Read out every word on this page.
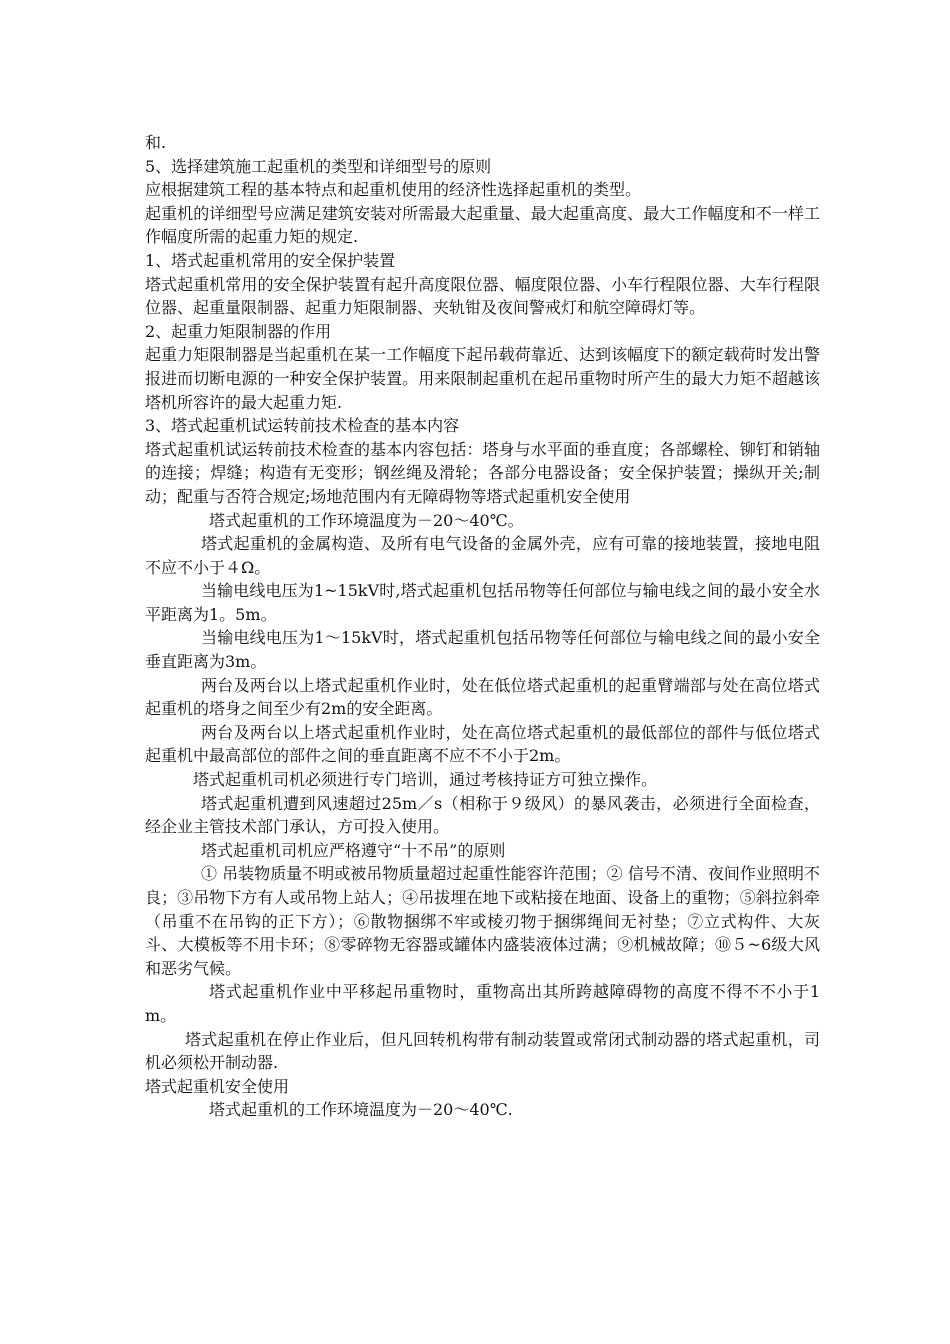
和.

5、选择建筑施工起重机的类型和详细型号的原则

应根据建筑工程的基本特点和起重机使用的经济性选择起重机的类型。

起重机的详细型号应满足建筑安装对所需最大起重量、最大起重高度、最大工作幅度和不一样工作幅度所需的起重力矩的规定.

1、塔式起重机常用的安全保护装置

塔式起重机常用的安全保护装置有起升高度限位器、幅度限位器、小车行程限位器、大车行程限位器、起重量限制器、起重力矩限制器、夹轨钳及夜间警戒灯和航空障碍灯等。

2、起重力矩限制器的作用

起重力矩限制器是当起重机在某一工作幅度下起吊载荷靠近、达到该幅度下的额定载荷时发出警报进而切断电源的一种安全保护装置。用来限制起重机在起吊重物时所产生的最大力矩不超越该塔机所容许的最大起重力矩.

3、塔式起重机试运转前技术检查的基本内容

塔式起重机试运转前技术检查的基本内容包括：塔身与水平面的垂直度；各部螺栓、铆钉和销轴的连接；焊缝；构造有无变形；钢丝绳及滑轮；各部分电器设备；安全保护装置；操纵开关;制动；配重与否符合规定;场地范围内有无障碍物等塔式起重机安全使用

塔式起重机的工作环境温度为－20～40℃。

塔式起重机的金属构造、及所有电气设备的金属外壳，应有可靠的接地装置，接地电阻不应不小于４Ω。

当输电线电压为1~15kV时,塔式起重机包括吊物等任何部位与输电线之间的最小安全水平距离为1。5m。

当输电线电压为1～15kV时，塔式起重机包括吊物等任何部位与输电线之间的最小安全垂直距离为3m。

两台及两台以上塔式起重机作业时，处在低位塔式起重机的起重臂端部与处在高位塔式起重机的塔身之间至少有2m的安全距离。

两台及两台以上塔式起重机作业时，处在高位塔式起重机的最低部位的部件与低位塔式起重机中最高部位的部件之间的垂直距离不应不不小于2m。

塔式起重机司机必须进行专门培训，通过考核持证方可独立操作。

塔式起重机遭到风速超过25m／s（相称于９级风）的暴风袭击，必须进行全面检查，经企业主管技术部门承认，方可投入使用。

塔式起重机司机应严格遵守“十不吊”的原则

① 吊装物质量不明或被吊物质量超过起重性能容许范围；② 信号不清、夜间作业照明不良；③吊物下方有人或吊物上站人；④吊拔埋在地下或粘接在地面、设备上的重物；⑤斜拉斜牵（吊重不在吊钩的正下方）；⑥散物捆绑不牢或棱刃物于捆绑绳间无衬垫；⑦立式构件、大灰斗、大模板等不用卡环；⑧零碎物无容器或罐体内盛装液体过满；⑨机械故障；⑩５~6级大风和恶劣气候。

塔式起重机作业中平移起吊重物时，重物高出其所跨越障碍物的高度不得不不小于1m。

塔式起重机在停止作业后，但凡回转机构带有制动装置或常闭式制动器的塔式起重机，司机必须松开制动器.

塔式起重机安全使用

塔式起重机的工作环境温度为－20～40℃.
